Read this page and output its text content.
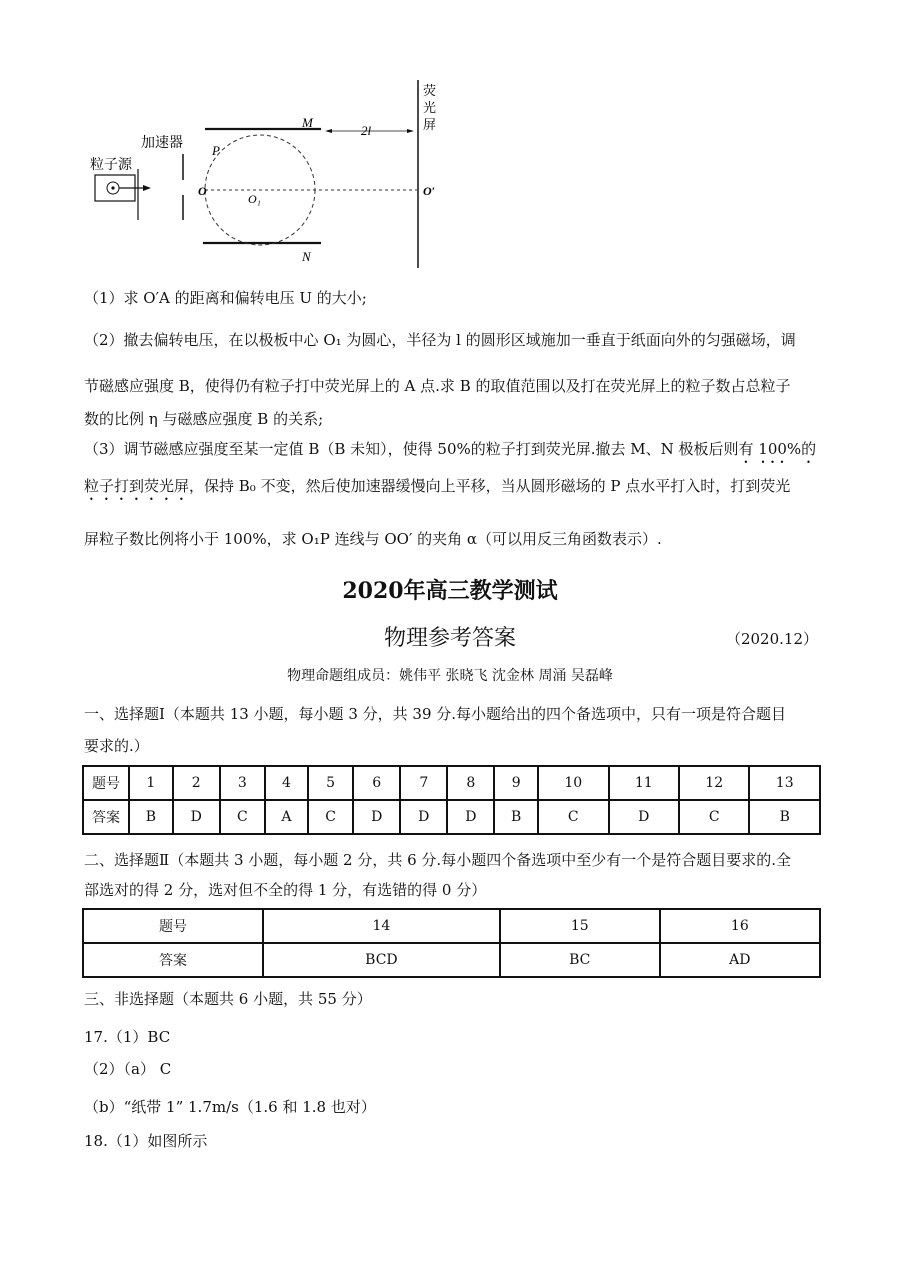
粒子源
加速器
荧
光
屏
M
N
2l
P
O
O₁
O′
（1）求 O′A 的距离和偏转电压 U 的大小;
（2）撤去偏转电压，在以极板中心 O₁ 为圆心，半径为 l 的圆形区域施加一垂直于纸面向外的匀强磁场，调
节磁感应强度 B，使得仍有粒子打中荧光屏上的 A 点.求 B 的取值范围以及打在荧光屏上的粒子数占总粒子
数的比例 η 与磁感应强度 B 的关系;
（3）调节磁感应强度至某一定值 B（B 未知），使得 50%的粒子打到荧光屏.撤去 M、N 极板后则有 100%的
粒子打到荧光屏，保持 B₀ 不变，然后使加速器缓慢向上平移，当从圆形磁场的 P 点水平打入时，打到荧光
屏粒子数比例将小于 100%，求 O₁P 连线与 OO′ 的夹角 α（可以用反三角函数表示）.
2020年高三教学测试
物理参考答案	（2020.12）
物理命题组成员：姚伟平 张晓飞 沈金林 周涌 吴磊峰
一、选择题Ⅰ（本题共 13 小题，每小题 3 分，共 39 分.每小题给出的四个备选项中，只有一项是符合题目
要求的.）
题号	1	2	3	4	5	6	7	8	9	10	11	12	13
答案	B	D	C	A	C	D	D	D	B	C	D	C	B
二、选择题Ⅱ（本题共 3 小题，每小题 2 分，共 6 分.每小题四个备选项中至少有一个是符合题目要求的.全
部选对的得 2 分，选对但不全的得 1 分，有选错的得 0 分）
题号	14	15	16
答案	BCD	BC	AD
三、非选择题（本题共 6 小题，共 55 分）
17.（1）BC
（2）（a） C
（b）“纸带 1” 1.7m/s（1.6 和 1.8 也对）
18.（1）如图所示
